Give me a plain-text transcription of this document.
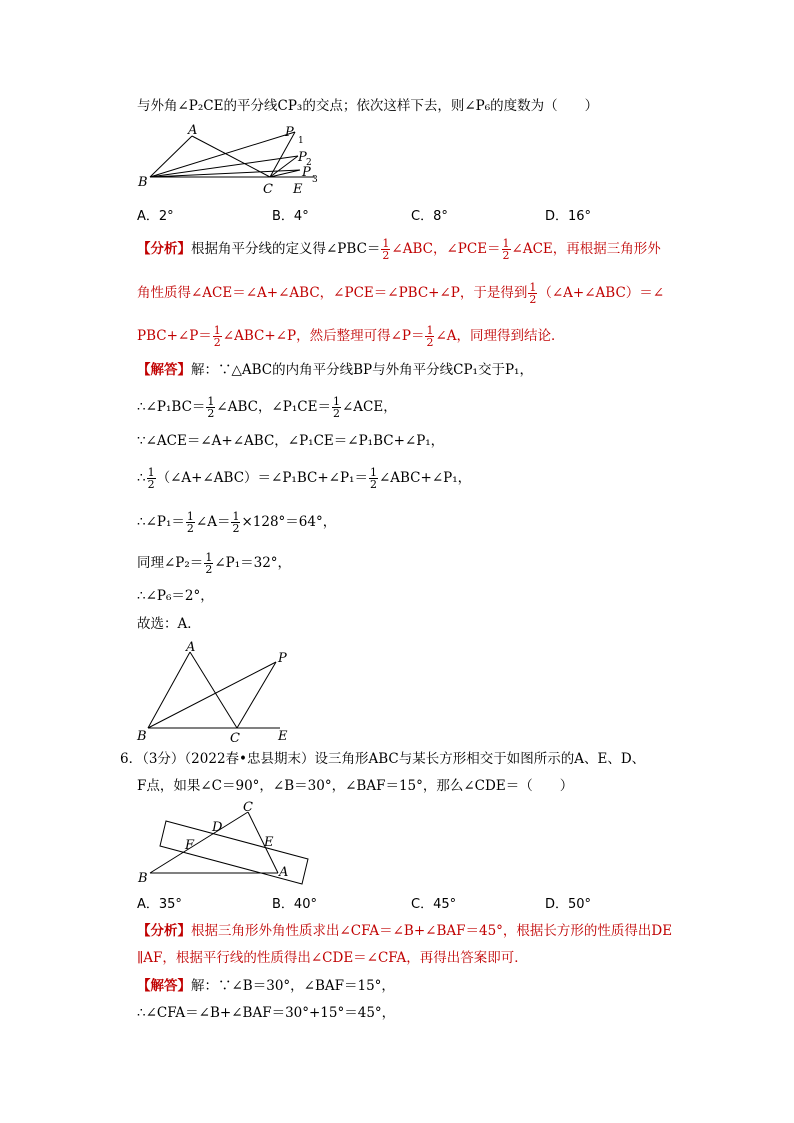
与外角∠P₂CE的平分线CP₃的交点；依次这样下去，则∠P₆的度数为（　　）
A
B	C E
P
1
P 2
P 3
A．2°	B．4°	C．8°	D．16°
【分析】根据角平分线的定义得∠PBC＝ $\frac{1}{2}$ ∠ABC，∠PCE＝ $\frac{1}{2}$ ∠ACE，再根据三角形外
角性质得∠ACE＝∠A+∠ABC，∠PCE＝∠PBC+∠P，于是得到 $\frac{1}{2}$ （∠A+∠ABC）＝∠
PBC+∠P＝ $\frac{1}{2}$ ∠ABC+∠P，然后整理可得∠P＝ $\frac{1}{2}$ ∠A，同理得到结论．
【解答】解：∵△ABC的内角平分线BP与外角平分线CP₁交于P₁，
∴∠P₁BC＝ $\frac{1}{2}$ ∠ABC，∠P₁CE＝ $\frac{1}{2}$ ∠ACE，
∵∠ACE＝∠A+∠ABC，∠P₁CE＝∠P₁BC+∠P₁，
∴ $\frac{1}{2}$ （∠A+∠ABC）＝∠P₁BC+∠P₁＝ $\frac{1}{2}$ ∠ABC+∠P₁，
∴∠P₁＝ $\frac{1}{2}$ ∠A＝ $\frac{1}{2} \times 128^\circ=64^\circ$，
同理∠P₂＝ $\frac{1}{2}$ ∠P₁＝32°，
∴∠P₆＝2°，
故选：A．
A
B	C	E
P
6．（3分）（2022春•忠县期末）设三角形ABC与某长方形相交于如图所示的A、E、D、
F点，如果∠C＝90°，∠B＝30°，∠BAF＝15°，那么∠CDE＝（　　）
C
D
E
F
B	A
A．35°	B．40°	C．45°	D．50°
【分析】根据三角形外角性质求出∠CFA＝∠B+∠BAF＝45°，根据长方形的性质得出DE
∥AF，根据平行线的性质得出∠CDE＝∠CFA，再得出答案即可．
【解答】解：∵∠B＝30°，∠BAF＝15°，
∴∠CFA＝∠B+∠BAF＝30°+15°＝45°，
